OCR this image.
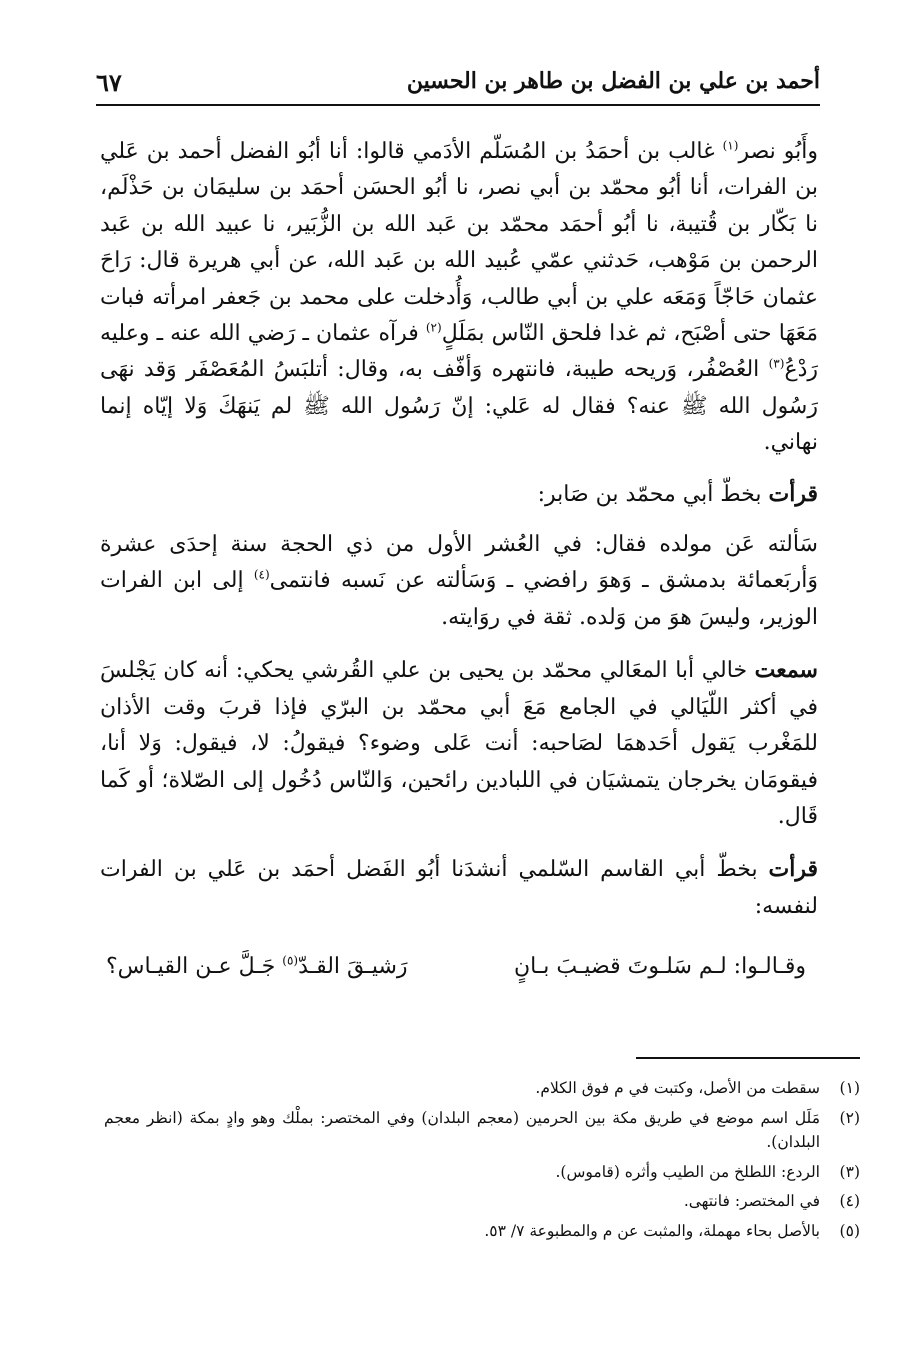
أحمد بن علي بن الفضل بن طاهر بن الحسين
٦٧

وأَبُو نصر$^{(١)}$ غالب بن أحمَدُ بن المُسَلّم الأدَمي قالوا: أنا أبُو الفضل أحمد بن عَلي بن الفرات، أنا أبُو محمّد بن أبي نصر، نا أبُو الحسَن أحمَد بن سليمَان بن حَذْلَم، نا بَكّار بن قُتيبة، نا أبُو أحمَد محمّد بن عَبد الله بن الزُّبَير، نا عبيد الله بن عَبد الرحمن بن مَوْهب، حَدثني عمّي عُبيد الله بن عَبد الله، عن أبي هريرة قال: رَاحَ عثمان حَاجّاً وَمَعَه علي بن أبي طالب، وَأُدخلت على محمد بن جَعفر امرأته فبات مَعَهَا حتى أصْبَح، ثم غدا فلحق النّاس بمَلَلٍ$^{(٢)}$ فرآه عثمان ـ رَضي الله عنه ـ وعليه رَدْعُ$^{(٣)}$ العُصْفُر، وَريحه طيبة، فانتهره وَأفّف به، وقال: أتلبَسُ المُعَصْفَر وَقد نهَى رَسُول الله ﷺ عنه؟ فقال له عَلي: إنّ رَسُول الله ﷺ لم يَنهَكَ وَلا إيّاه إنما نهاني.

قرأت بخطّ أبي محمّد بن صَابر:

سَألته عَن مولده فقال: في العُشر الأول من ذي الحجة سنة إحدَى عشرة وَأربَعمائة بدمشق ـ وَهوَ رافضي ـ وَسَألته عن نَسبه فانتمى$^{(٤)}$ إلى ابن الفرات الوزير، وليسَ هوَ من وَلده. ثقة في روَايته.

سمعت خالي أبا المعَالي محمّد بن يحيى بن علي القُرشي يحكي: أنه كان يَجْلسَ في أكثر اللّيَالي في الجامع مَعَ أبي محمّد بن البرّي فإذا قربَ وقت الأذان للمَغْرب يَقول أحَدهمَا لصَاحبه: أنت عَلى وضوء؟ فيقولُ: لا، فيقول: وَلا أنا، فيقومَان يخرجان يتمشيَان في اللبادين رائحين، وَالنّاس دُخُول إلى الصّلاة؛ أو كَما قَال.

قرأت بخطّ أبي القاسم السّلمي أنشدَنا أبُو الفَضل أحمَد بن عَلي بن الفرات لنفسه:

وقـالـوا: لـم سَلـوتَ قضيـبَ بـانٍ
رَشيـقَ القـدّ$^{(٥)}$ جَـلَّ عـن القيـاس؟
(١)
سقطت من الأصل، وكتبت في م فوق الكلام.
(٢)
مَلَل اسم موضع في طريق مكة بين الحرمين (معجم البلدان) وفي المختصر: بملْك وهو وادٍ بمكة (انظر معجم البلدان).
(٣)
الردع: اللطلخ من الطيب وأثره (قاموس).
(٤)
في المختصر: فانتهى.
(٥)
بالأصل بحاء مهملة، والمثبت عن م والمطبوعة ٧/ ٥٣.
